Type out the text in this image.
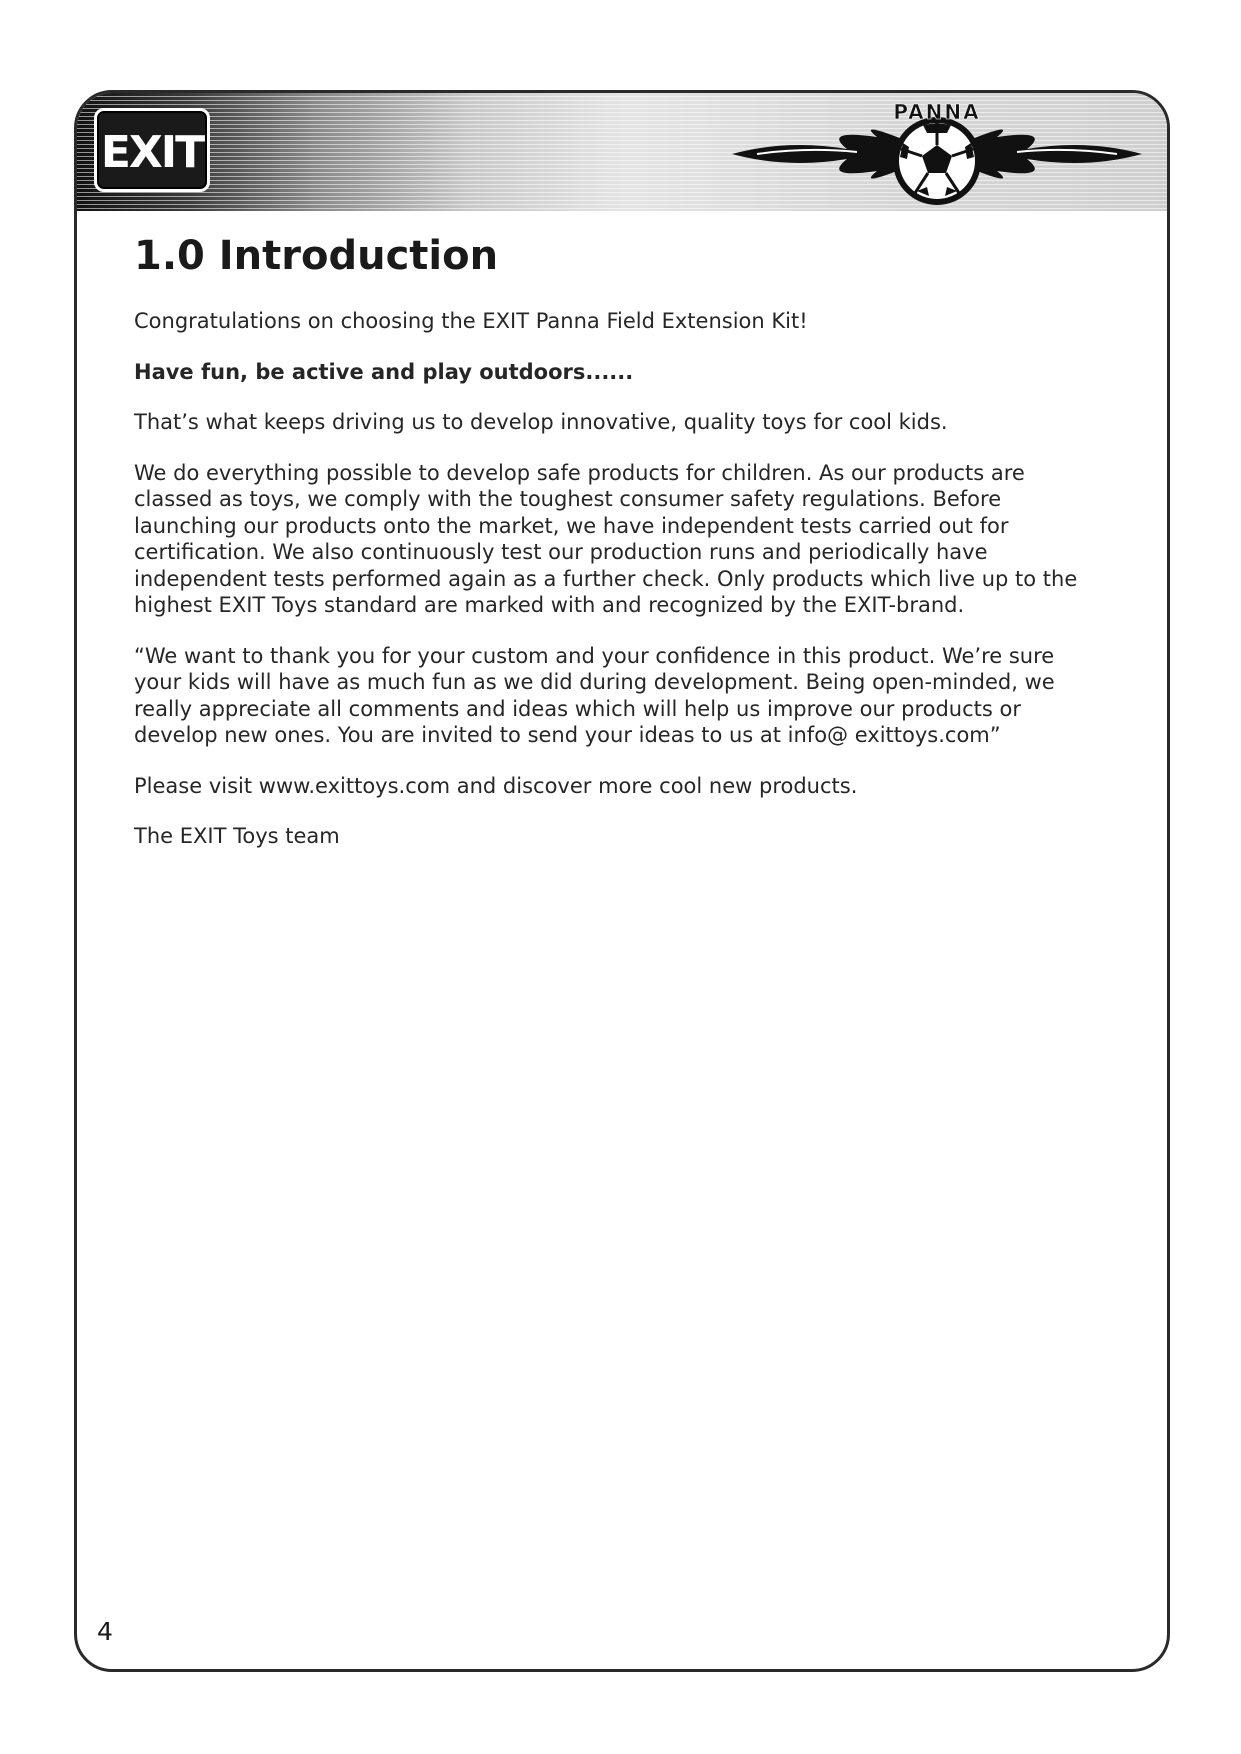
EXIT
PANNA
1.0 Introduction

Congratulations on choosing the EXIT Panna Field Extension Kit!

Have fun, be active and play outdoors......

That’s what keeps driving us to develop innovative, quality toys for cool kids.

We do everything possible to develop safe products for children. As our products are classed as toys, we comply with the toughest consumer safety regulations. Before launching our products onto the market, we have independent tests carried out for certification. We also continuously test our production runs and periodically have independent tests performed again as a further check. Only products which live up to the highest EXIT Toys standard are marked with and recognized by the EXIT-brand.

“We want to thank you for your custom and your confidence in this product. We’re sure your kids will have as much fun as we did during development. Being open-minded, we really appreciate all comments and ideas which will help us improve our products or develop new ones. You are invited to send your ideas to us at info@ exittoys.com”

Please visit www.exittoys.com and discover more cool new products.

The EXIT Toys team

4
